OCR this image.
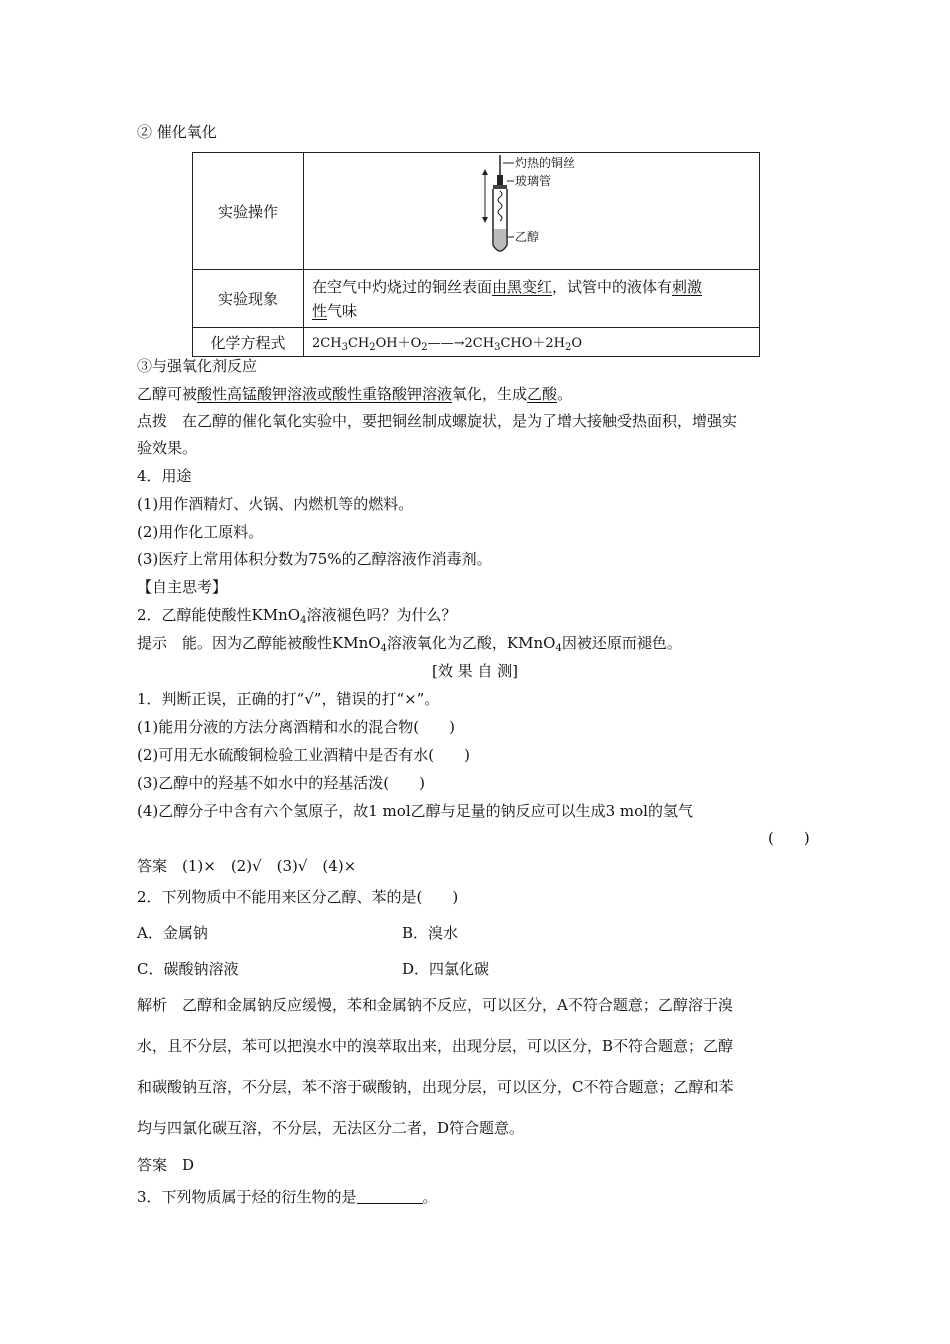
② 催化氧化
实验操作	灼热的铜丝
玻璃管
乙醇

实验现象	在空气中灼烧过的铜丝表面由黑变红，试管中的液体有刺激
性气味
化学方程式	$2CH_3CH_2OH+O_2——\to 2CH_3CHO+2H_2O$
③与强氧化剂反应
乙醇可被酸性高锰酸钾溶液或酸性重铬酸钾溶液氧化，生成乙酸。
点拨　在乙醇的催化氧化实验中，要把铜丝制成螺旋状，是为了增大接触受热面积，增强实
验效果。
4．用途
(1)用作酒精灯、火锅、内燃机等的燃料。
(2)用作化工原料。
(3)医疗上常用体积分数为75%的乙醇溶液作消毒剂。
【自主思考】
2．乙醇能使酸性KMnO$_4$溶液褪色吗？为什么？
提示　能。因为乙醇能被酸性KMnO$_4$溶液氧化为乙酸，KMnO$_4$因被还原而褪色。
[效 果 自 测]
1．判断正误，正确的打“√”，错误的打“×”。
(1)能用分液的方法分离酒精和水的混合物(　　)
(2)可用无水硫酸铜检验工业酒精中是否有水(　　)
(3)乙醇中的羟基不如水中的羟基活泼(　　)
(4)乙醇分子中含有六个氢原子，故1 mol乙醇与足量的钠反应可以生成3 mol的氢气
(　　)
答案　(1)×　(2)√　(3)√　(4)×
2．下列物质中不能用来区分乙醇、苯的是(　　)
A．金属钠	B．溴水
C．碳酸钠溶液	D．四氯化碳
解析　乙醇和金属钠反应缓慢，苯和金属钠不反应，可以区分，A不符合题意；乙醇溶于溴
水，且不分层，苯可以把溴水中的溴萃取出来，出现分层，可以区分，B不符合题意；乙醇
和碳酸钠互溶，不分层，苯不溶于碳酸钠，出现分层，可以区分，C不符合题意；乙醇和苯
均与四氯化碳互溶，不分层，无法区分二者，D符合题意。
答案　D
3．下列物质属于烃的衍生物的是	。
